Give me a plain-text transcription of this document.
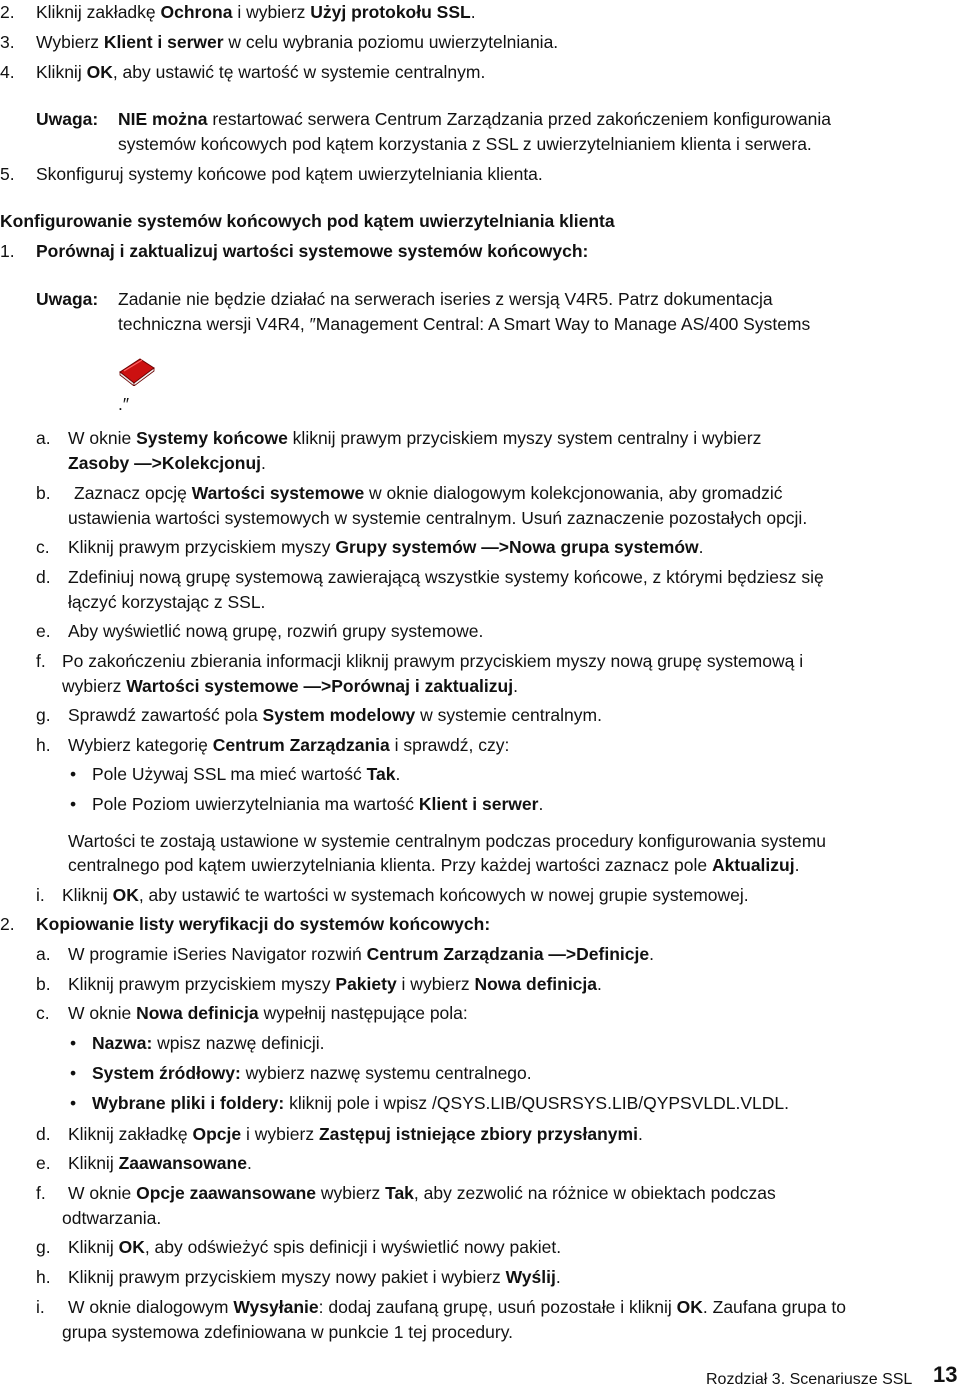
2. Kliknij zakładkę Ochrona i wybierz Użyj protokołu SSL.
3. Wybierz Klient i serwer w celu wybrania poziomu uwierzytelniania.
4. Kliknij OK, aby ustawić tę wartość w systemie centralnym.
Uwaga: NIE można restartować serwera Centrum Zarządzania przed zakończeniem konfigurowania
systemów końcowych pod kątem korzystania z SSL z uwierzytelnianiem klienta i serwera.
5. Skonfiguruj systemy końcowe pod kątem uwierzytelniania klienta.
Konfigurowanie systemów końcowych pod kątem uwierzytelniania klienta
1. Porównaj i zaktualizuj wartości systemowe systemów końcowych:
Uwaga: Zadanie nie będzie działać na serwerach iseries z wersją V4R5. Patrz dokumentacja
techniczna wersji V4R4, ″Management Central: A Smart Way to Manage AS/400 Systems
.″
a. W oknie Systemy końcowe kliknij prawym przyciskiem myszy system centralny i wybierz
Zasoby —>Kolekcjonuj.
b. Zaznacz opcję Wartości systemowe w oknie dialogowym kolekcjonowania, aby gromadzić
ustawienia wartości systemowych w systemie centralnym. Usuń zaznaczenie pozostałych opcji.
c. Kliknij prawym przyciskiem myszy Grupy systemów —>Nowa grupa systemów.
d. Zdefiniuj nową grupę systemową zawierającą wszystkie systemy końcowe, z którymi będziesz się
łączyć korzystając z SSL.
e. Aby wyświetlić nową grupę, rozwiń grupy systemowe.
f. Po zakończeniu zbierania informacji kliknij prawym przyciskiem myszy nową grupę systemową i
wybierz Wartości systemowe —>Porównaj i zaktualizuj.
g. Sprawdź zawartość pola System modelowy w systemie centralnym.
h. Wybierz kategorię Centrum Zarządzania i sprawdź, czy:
• Pole Używaj SSL ma mieć wartość Tak.
• Pole Poziom uwierzytelniania ma wartość Klient i serwer.
Wartości te zostają ustawione w systemie centralnym podczas procedury konfigurowania systemu
centralnego pod kątem uwierzytelniania klienta. Przy każdej wartości zaznacz pole Aktualizuj.
i. Kliknij OK, aby ustawić te wartości w systemach końcowych w nowej grupie systemowej.
2. Kopiowanie listy weryfikacji do systemów końcowych:
a. W programie iSeries Navigator rozwiń Centrum Zarządzania —>Definicje.
b. Kliknij prawym przyciskiem myszy Pakiety i wybierz Nowa definicja.
c. W oknie Nowa definicja wypełnij następujące pola:
• Nazwa: wpisz nazwę definicji.
• System źródłowy: wybierz nazwę systemu centralnego.
• Wybrane pliki i foldery: kliknij pole i wpisz /QSYS.LIB/QUSRSYS.LIB/QYPSVLDL.VLDL.
d. Kliknij zakładkę Opcje i wybierz Zastępuj istniejące zbiory przysłanymi.
e. Kliknij Zaawansowane.
f. W oknie Opcje zaawansowane wybierz Tak, aby zezwolić na różnice w obiektach podczas
odtwarzania.
g. Kliknij OK, aby odświeżyć spis definicji i wyświetlić nowy pakiet.
h. Kliknij prawym przyciskiem myszy nowy pakiet i wybierz Wyślij.
i. W oknie dialogowym Wysyłanie: dodaj zaufaną grupę, usuń pozostałe i kliknij OK. Zaufana grupa to
grupa systemowa zdefiniowana w punkcie 1 tej procedury.
Rozdział 3. Scenariusze SSL 13
